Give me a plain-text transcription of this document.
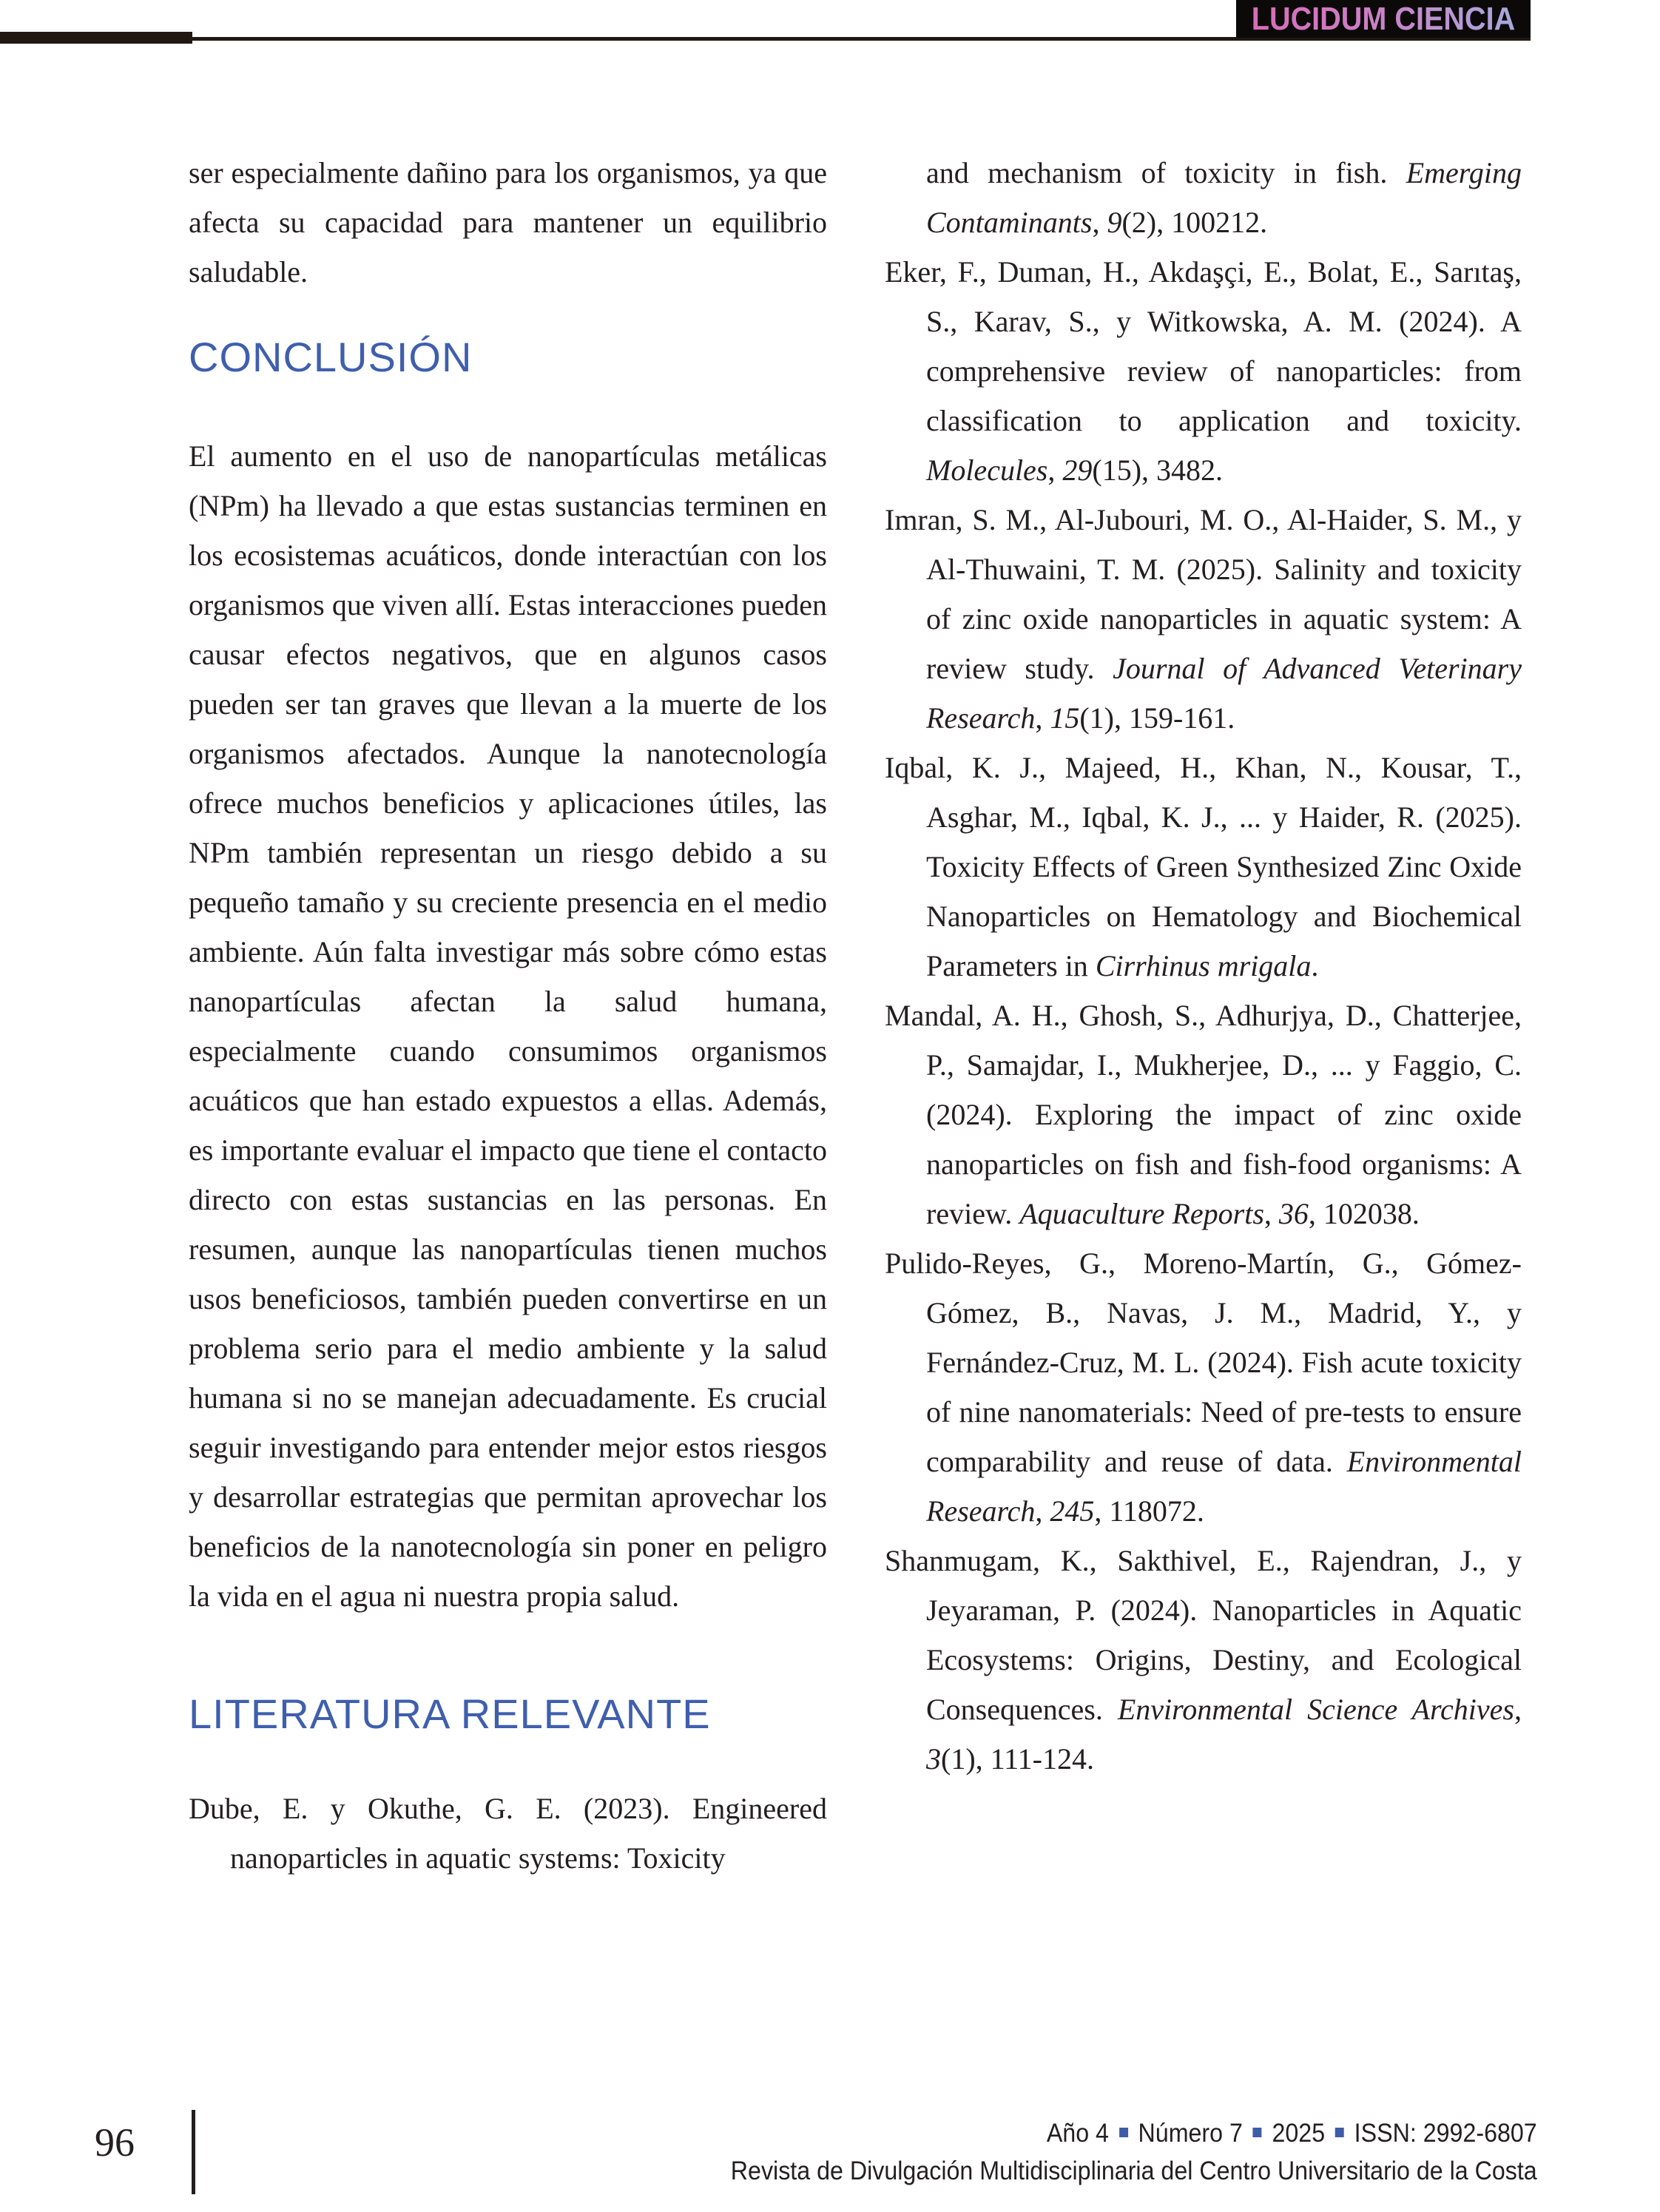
LUCIDUM CIENCIA

ser especialmente dañino para los organismos, ya que afecta su capacidad para mantener un equilibrio saludable.

CONCLUSIÓN

El aumento en el uso de nanopartículas metálicas (NPm) ha llevado a que estas sustancias terminen en los ecosistemas acuáticos, donde interactúan con los organismos que viven allí. Estas interacciones pueden causar efectos negativos, que en algunos casos pueden ser tan graves que llevan a la muerte de los organismos afectados. Aunque la nanotecnología ofrece muchos beneficios y aplicaciones útiles, las NPm también representan un riesgo debido a su pequeño tamaño y su creciente presencia en el medio ambiente. Aún falta investigar más sobre cómo estas nanopartículas afectan la salud humana, especialmente cuando consumimos organismos acuáticos que han estado expuestos a ellas. Además, es importante evaluar el impacto que tiene el contacto directo con estas sustancias en las personas. En resumen, aunque las nanopartículas tienen muchos usos beneficiosos, también pueden convertirse en un problema serio para el medio ambiente y la salud humana si no se manejan adecuadamente. Es crucial seguir investigando para entender mejor estos riesgos y desarrollar estrategias que permitan aprovechar los beneficios de la nanotecnología sin poner en peligro la vida en el agua ni nuestra propia salud.

LITERATURA RELEVANTE

Dube, E. y Okuthe, G. E. (2023). Engineered nanoparticles in aquatic systems: Toxicity

and mechanism of toxicity in fish. Emerging Contaminants, 9(2), 100212.

Eker, F., Duman, H., Akdaşçi, E., Bolat, E., Sarıtaş, S., Karav, S., y Witkowska, A. M. (2024). A comprehensive review of nanoparticles: from classification to application and toxicity. Molecules, 29(15), 3482.

Imran, S. M., Al-Jubouri, M. O., Al-Haider, S. M., y Al-Thuwaini, T. M. (2025). Salinity and toxicity of zinc oxide nanoparticles in aquatic system: A review study. Journal of Advanced Veterinary Research, 15(1), 159-161.

Iqbal, K. J., Majeed, H., Khan, N., Kousar, T., Asghar, M., Iqbal, K. J., ... y Haider, R. (2025). Toxicity Effects of Green Synthesized Zinc Oxide Nanoparticles on Hematology and Biochemical Parameters in Cirrhinus mrigala.

Mandal, A. H., Ghosh, S., Adhurjya, D., Chatterjee, P., Samajdar, I., Mukherjee, D., ... y Faggio, C. (2024). Exploring the impact of zinc oxide nanoparticles on fish and fish-food organisms: A review. Aquaculture Reports, 36, 102038.

Pulido-Reyes, G., Moreno-Martín, G., Gómez-Gómez, B., Navas, J. M., Madrid, Y., y Fernández-Cruz, M. L. (2024). Fish acute toxicity of nine nanomaterials: Need of pre-tests to ensure comparability and reuse of data. Environmental Research, 245, 118072.

Shanmugam, K., Sakthivel, E., Rajendran, J., y Jeyaraman, P. (2024). Nanoparticles in Aquatic Ecosystems: Origins, Destiny, and Ecological Consequences. Environmental Science Archives, 3(1), 111-124.

96	Año 4 Número 7 2025 ISSN: 2992-6807
Revista de Divulgación Multidisciplinaria del Centro Universitario de la Costa
